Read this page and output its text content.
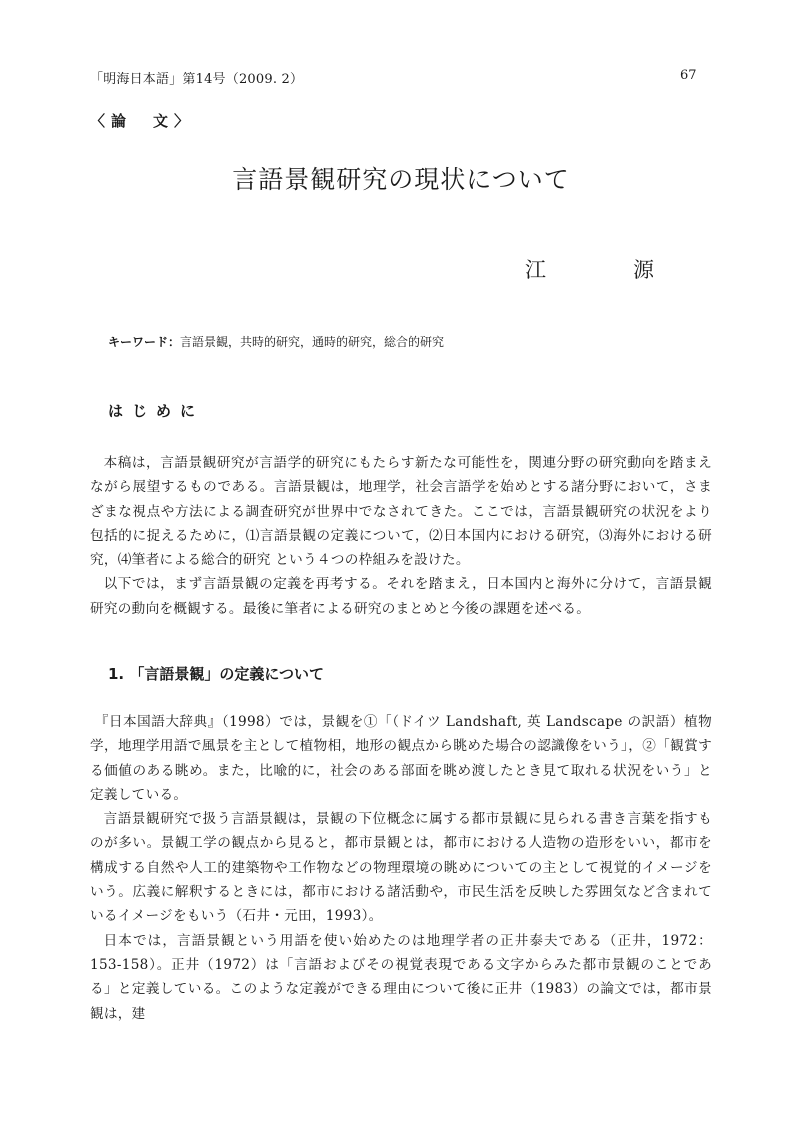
「明海日本語」第14号（2009. 2）	67
〈論　文〉
言語景観研究の現状について
江	源
キーワード：言語景観，共時的研究，通時的研究，総合的研究
はじめに

本稿は，言語景観研究が言語学的研究にもたらす新たな可能性を，関連分野の研究動向を踏まえながら展望するものである。言語景観は，地理学，社会言語学を始めとする諸分野において，さまざまな視点や方法による調査研究が世界中でなされてきた。ここでは，言語景観研究の状況をより包括的に捉えるために，⑴言語景観の定義について，⑵日本国内における研究，⑶海外における研究，⑷筆者による総合的研究 という４つの枠組みを設けた。

以下では，まず言語景観の定義を再考する。それを踏まえ，日本国内と海外に分けて，言語景観研究の動向を概観する。最後に筆者による研究のまとめと今後の課題を述べる。

1. 「言語景観」の定義について

『日本国語大辞典』（1998）では，景観を①「（ドイツ Landshaft, 英 Landscape の訳語）植物学，地理学用語で風景を主として植物相，地形の観点から眺めた場合の認識像をいう」，②「観賞する価値のある眺め。また，比喩的に，社会のある部面を眺め渡したとき見て取れる状況をいう」と定義している。

言語景観研究で扱う言語景観は，景観の下位概念に属する都市景観に見られる書き言葉を指すものが多い。景観工学の観点から見ると，都市景観とは，都市における人造物の造形をいい，都市を構成する自然や人工的建築物や工作物などの物理環境の眺めについての主として視覚的イメージをいう。広義に解釈するときには，都市における諸活動や，市民生活を反映した雰囲気など含まれているイメージをもいう（石井・元田，1993）。

日本では，言語景観という用語を使い始めたのは地理学者の正井泰夫である（正井，1972：153-158）。正井（1972）は「言語およびその視覚表現である文字からみた都市景観のことである」と定義している。このような定義ができる理由について後に正井（1983）の論文では，都市景観は，建
